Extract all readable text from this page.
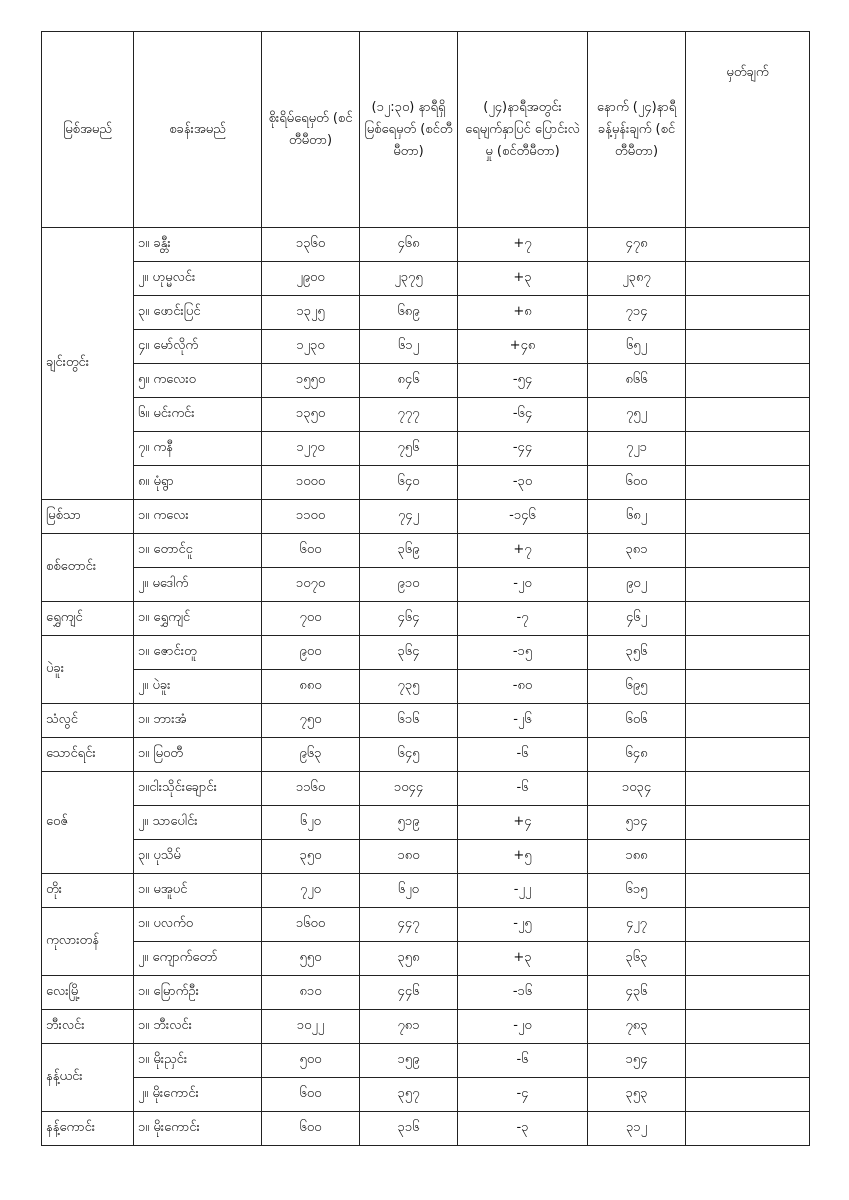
မြစ်အမည်	စခန်းအမည်	စိုးရိမ်ရေမှတ် (စင်တီမီတာ)	(၁၂:၃၀) နာရီရှိ မြစ်ရေမှတ် (စင်တီမီတာ)	(၂၄)နာရီအတွင်း ရေမျက်နှာပြင် ပြောင်းလဲမှု (စင်တီမီတာ)	နောက် (၂၄)နာရီ ခန့်မှန်းချက် (စင်တီမီတာ)	မှတ်ချက်
ချင်းတွင်း	၁။ ခန္တီး	၁၃၆၀	၄၆၈	+၇	၄၇၈	
	၂။ ဟုမ္မလင်း	၂၉၀၀	၂၃၇၅	+၃	၂၃၈၇	
	၃။ ဖောင်းပြင်	၁၃၂၅	၆၈၉	+၈	၇၁၄	
	၄။ မော်လိုက်	၁၂၃၀	၆၁၂	+၄၈	၆၅၂	
	၅။ ကလေးဝ	၁၅၅၀	၈၄၆	-၅၄	၈၆၆	
	၆။ မင်းကင်း	၁၃၅၀	၇၇၇	-၆၄	၇၅၂	
	၇။ ကနီ	၁၂၇၀	၇၅၆	-၄၄	၇၂၁	
	၈။ မုံရွာ	၁၀၀၀	၆၄၀	-၃၀	၆၀၀	
မြစ်သာ	၁။ ကလေး	၁၁၀၀	၇၄၂	-၁၄၆	၆၈၂	
စစ်တောင်း	၁။ တောင်ငူ	၆၀၀	၃၆၉	+၇	၃၈၁	
	၂။ မဒေါက်	၁၀၇၀	၉၁၀	-၂၀	၉၀၂	
ရွှေကျင်	၁။ ရွှေကျင်	၇၀၀	၄၆၄	-၇	၄၆၂	
ပဲခူး	၁။ ဇောင်းတူ	၉၀၀	၃၆၄	-၁၅	၃၅၆	
	၂။ ပဲခူး	၈၈၀	၇၃၅	-၈၀	၆၉၅	
သံလွင်	၁။ ဘားအံ	၇၅၀	၆၁၆	-၂၆	၆၀၆	
သောင်ရင်း	၁။ မြဝတီ	၉၆၃	၆၄၅	-၆	၆၄၈	
ဝေဇ်	၁။ငါးသိုင်းချောင်း	၁၁၆၀	၁၀၄၄	-၆	၁၀၃၄	
	၂။ သာပေါင်း	၆၂၀	၅၁၉	+၄	၅၁၄	
	၃။ ပုသိမ်	၃၅၀	၁၈၀	+၅	၁၈၈	
တိုး	၁။ မအူပင်	၇၂၀	၆၂၀	-၂၂	၆၁၅	
ကုလားတန်	၁။ ပလက်ဝ	၁၆၀၀	၄၄၇	-၂၅	၄၂၇	
	၂။ ကျောက်တော်	၅၅၀	၃၅၈	+၃	၃၆၃	
လေးမြို့	၁။ မြောက်ဦး	၈၁၀	၄၄၆	-၁၆	၄၃၆	
ဘီးလင်း	၁။ ဘီးလင်း	၁၀၂၂	၇၈၁	-၂၀	၇၈၃	
နန့်ယင်း	၁။ မိုးညှင်း	၅၀၀	၁၅၉	-၆	၁၅၄	
	၂။ မိုးကောင်း	၆၀၀	၃၅၇	-၄	၃၅၃	
နန့်ကောင်း	၁။ မိုးကောင်း	၆၀၀	၃၁၆	-၃	၃၁၂	
